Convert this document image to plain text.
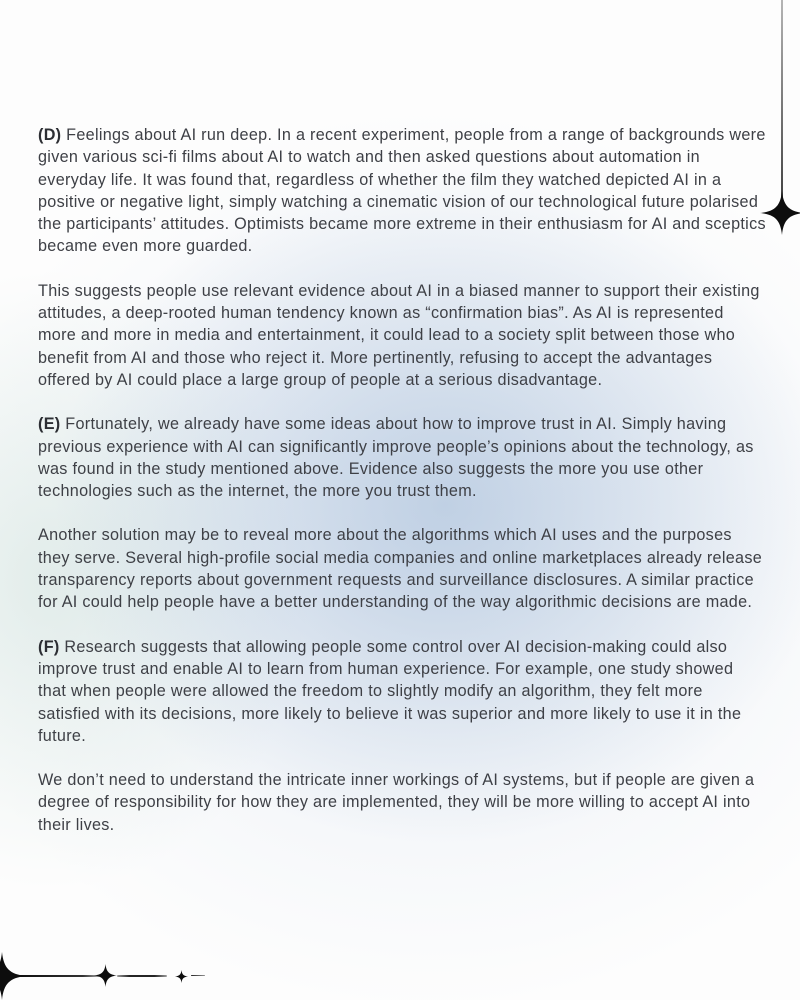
(D) Feelings about AI run deep. In a recent experiment, people from a range of backgrounds were given various sci-fi films about AI to watch and then asked questions about automation in everyday life. It was found that, regardless of whether the film they watched depicted AI in a positive or negative light, simply watching a cinematic vision of our technological future polarised the participants’ attitudes. Optimists became more extreme in their enthusiasm for AI and sceptics became even more guarded.

This suggests people use relevant evidence about AI in a biased manner to support their existing attitudes, a deep-rooted human tendency known as “confirmation bias”. As AI is represented more and more in media and entertainment, it could lead to a society split between those who benefit from AI and those who reject it. More pertinently, refusing to accept the advantages offered by AI could place a large group of people at a serious disadvantage.

(E) Fortunately, we already have some ideas about how to improve trust in AI. Simply having previous experience with AI can significantly improve people’s opinions about the technology, as was found in the study mentioned above. Evidence also suggests the more you use other technologies such as the internet, the more you trust them.

Another solution may be to reveal more about the algorithms which AI uses and the purposes they serve. Several high-profile social media companies and online marketplaces already release transparency reports about government requests and surveillance disclosures. A similar practice for AI could help people have a better understanding of the way algorithmic decisions are made.

(F) Research suggests that allowing people some control over AI decision-making could also improve trust and enable AI to learn from human experience. For example, one study showed that when people were allowed the freedom to slightly modify an algorithm, they felt more satisfied with its decisions, more likely to believe it was superior and more likely to use it in the future.

We don’t need to understand the intricate inner workings of AI systems, but if people are given a degree of responsibility for how they are implemented, they will be more willing to accept AI into their lives.
